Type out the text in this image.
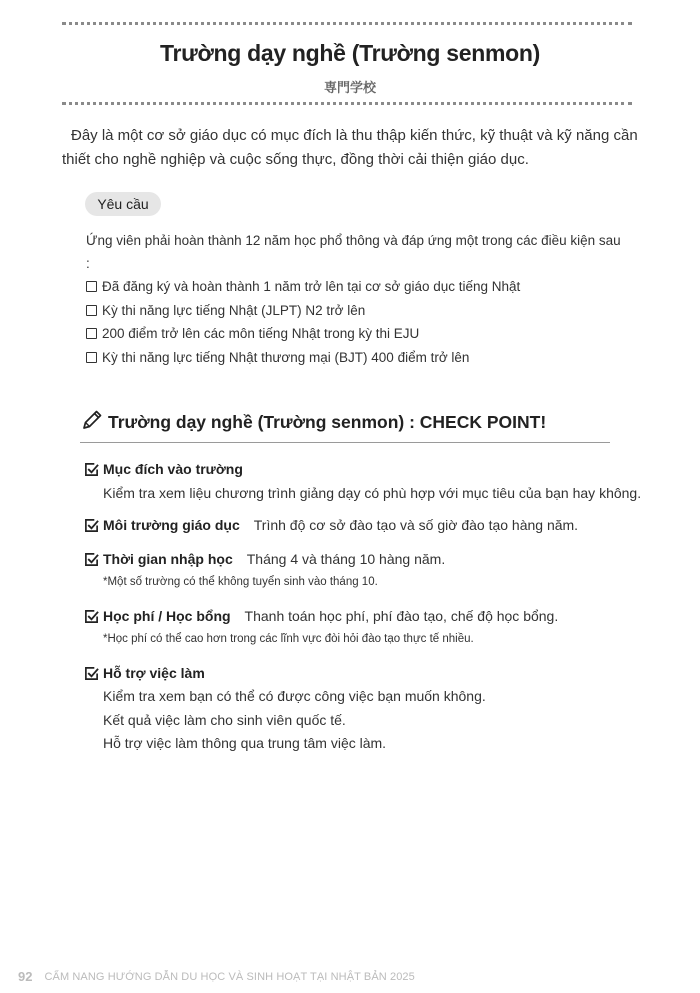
Trường dạy nghề (Trường senmon)
専門学校
Đây là một cơ sở giáo dục có mục đích là thu thập kiến thức, kỹ thuật và kỹ năng cần thiết cho nghề nghiệp và cuộc sống thực, đồng thời cải thiện giáo dục.
Yêu cầu
Ứng viên phải hoàn thành 12 năm học phổ thông và đáp ứng một trong các điều kiện sau :
Đã đăng ký và hoàn thành 1 năm trở lên tại cơ sở giáo dục tiếng Nhật
Kỳ thi năng lực tiếng Nhật (JLPT) N2 trở lên
200 điểm trở lên các môn tiếng Nhật trong kỳ thi EJU
Kỳ thi năng lực tiếng Nhật thương mại (BJT) 400 điểm trở lên
Trường dạy nghề (Trường senmon) : CHECK POINT!
Mục đích vào trường
Kiểm tra xem liệu chương trình giảng dạy có phù hợp với mục tiêu của bạn hay không.
Môi trường giáo dục Trình độ cơ sở đào tạo và số giờ đào tạo hàng năm.
Thời gian nhập học Tháng 4 và tháng 10 hàng năm.
*Một số trường có thể không tuyển sinh vào tháng 10.
Học phí / Học bổng Thanh toán học phí, phí đào tạo, chế độ học bổng.
*Học phí có thể cao hơn trong các lĩnh vực đòi hỏi đào tạo thực tế nhiều.
Hỗ trợ việc làm
Kiểm tra xem bạn có thể có được công việc bạn muốn không.
Kết quả việc làm cho sinh viên quốc tế.
Hỗ trợ việc làm thông qua trung tâm việc làm.
92 CẨM NANG HƯỚNG DẪN DU HỌC VÀ SINH HOẠT TẠI NHẬT BẢN 2025
